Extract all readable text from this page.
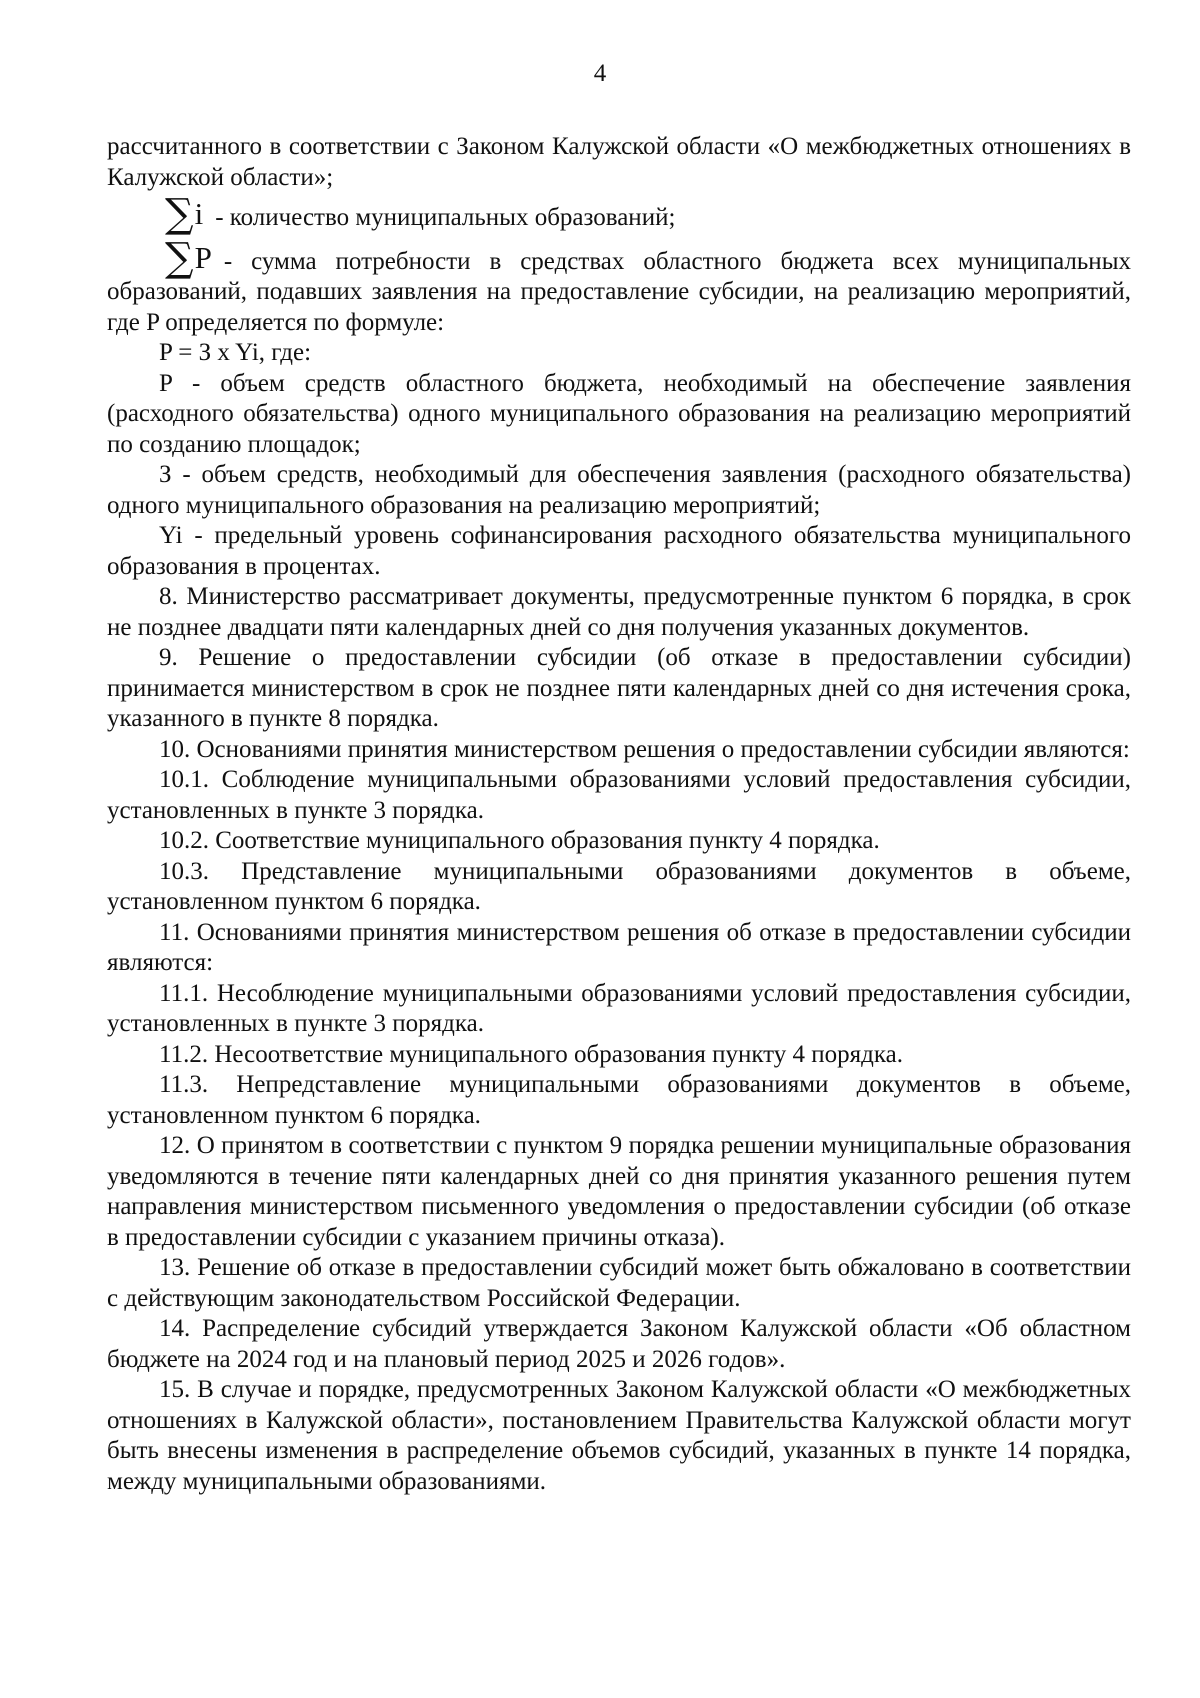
4

рассчитанного в соответствии с Законом Калужской области «О межбюджетных отношениях в Калужской области»;

∑ i - количество муниципальных образований;
∑ P - сумма потребности в средствах областного бюджета всех муниципальных

образований, подавших заявления на предоставление субсидии, на реализацию мероприятий, где P определяется по формуле:

P = З x Yi, где:

P - объем средств областного бюджета, необходимый на обеспечение заявления (расходного обязательства) одного муниципального образования на реализацию мероприятий по созданию площадок;

З - объем средств, необходимый для обеспечения заявления (расходного обязательства) одного муниципального образования на реализацию мероприятий;

Yi - предельный уровень софинансирования расходного обязательства муниципального образования в процентах.

8. Министерство рассматривает документы, предусмотренные пунктом 6 порядка, в срок не позднее двадцати пяти календарных дней со дня получения указанных документов.

9. Решение о предоставлении субсидии (об отказе в предоставлении субсидии) принимается министерством в срок не позднее пяти календарных дней со дня истечения срока, указанного в пункте 8 порядка.

10. Основаниями принятия министерством решения о предоставлении субсидии являются:

10.1. Соблюдение муниципальными образованиями условий предоставления субсидии, установленных в пункте 3 порядка.

10.2. Соответствие муниципального образования пункту 4 порядка.

10.3. Представление муниципальными образованиями документов в объеме, установленном пунктом 6 порядка.

11. Основаниями принятия министерством решения об отказе в предоставлении субсидии являются:

11.1. Несоблюдение муниципальными образованиями условий предоставления субсидии, установленных в пункте 3 порядка.

11.2. Несоответствие муниципального образования пункту 4 порядка.

11.3. Непредставление муниципальными образованиями документов в объеме, установленном пунктом 6 порядка.

12. О принятом в соответствии с пунктом 9 порядка решении муниципальные образования уведомляются в течение пяти календарных дней со дня принятия указанного решения путем направления министерством письменного уведомления о предоставлении субсидии (об отказе в предоставлении субсидии с указанием причины отказа).

13. Решение об отказе в предоставлении субсидий может быть обжаловано в соответствии с действующим законодательством Российской Федерации.

14. Распределение субсидий утверждается Законом Калужской области «Об областном бюджете на 2024 год и на плановый период 2025 и 2026 годов».

15. В случае и порядке, предусмотренных Законом Калужской области «О межбюджетных отношениях в Калужской области», постановлением Правительства Калужской области могут быть внесены изменения в распределение объемов субсидий, указанных в пункте 14 порядка, между муниципальными образованиями.
